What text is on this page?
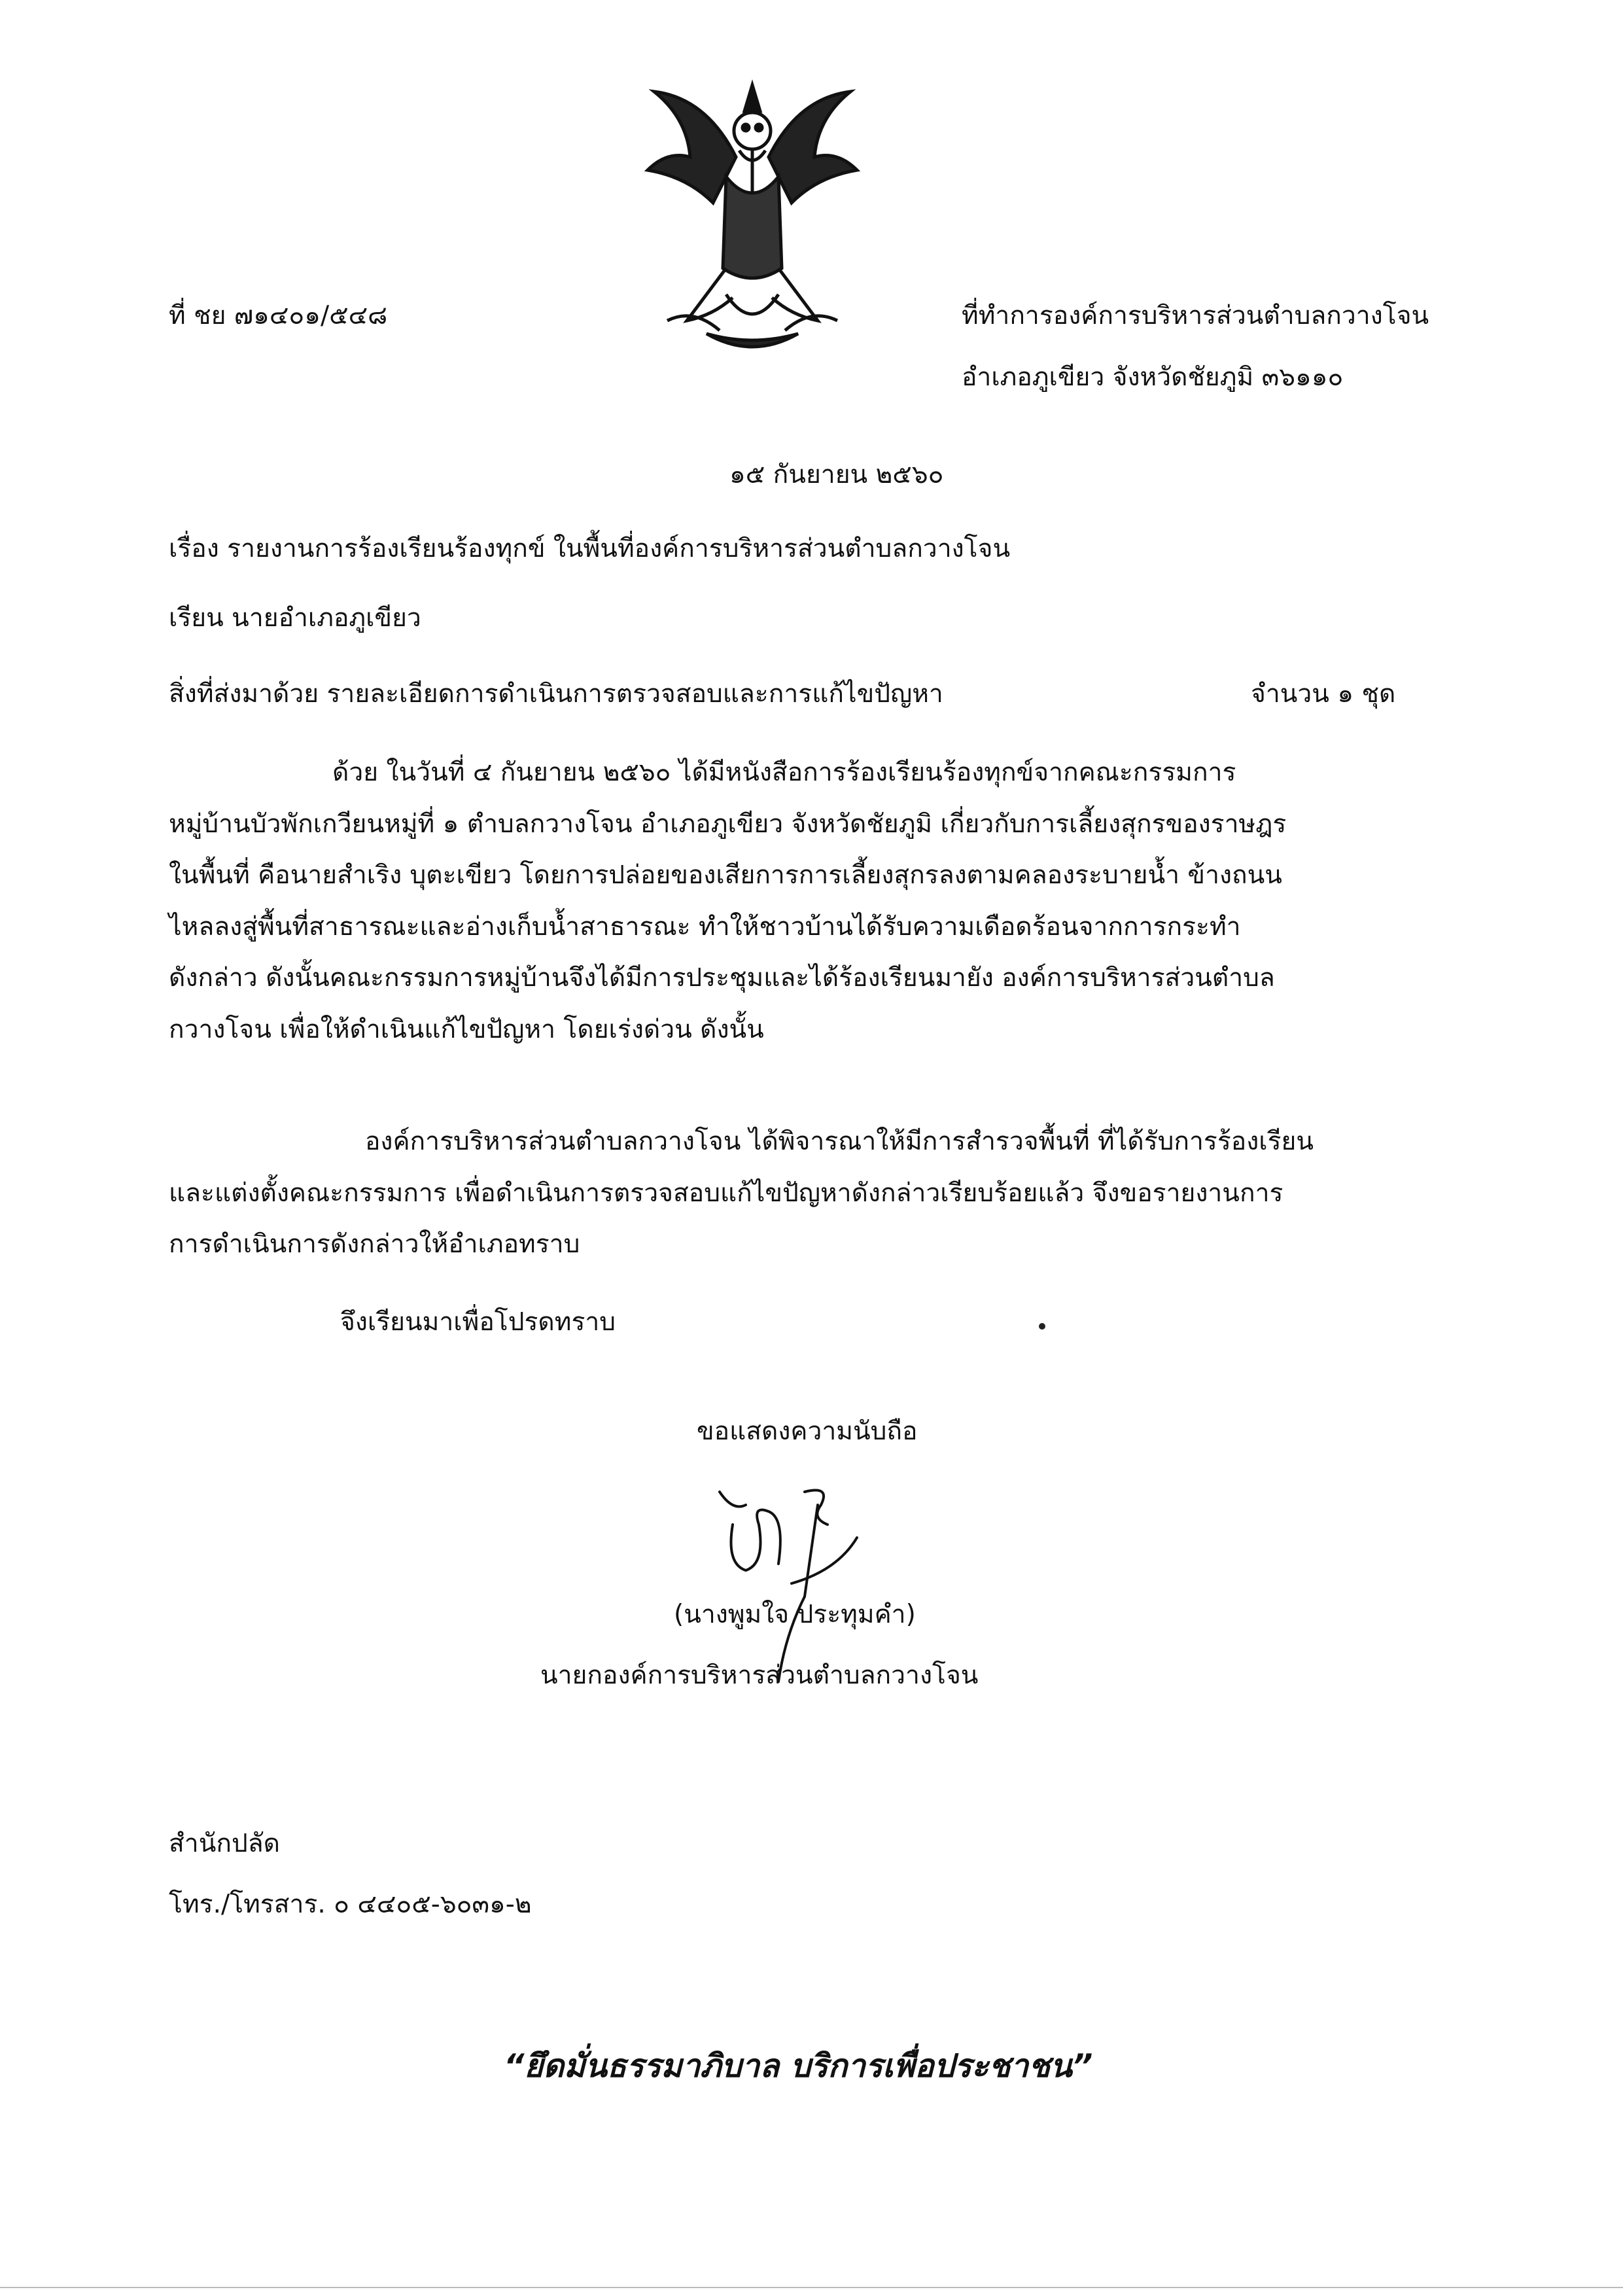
ที่ ชย ๗๑๔๐๑/๕๔๘	ที่ทำการองค์การบริหารส่วนตำบลกวางโจน
อำเภอภูเขียว จังหวัดชัยภูมิ ๓๖๑๑๐
๑๕ กันยายน ๒๕๖๐
เรื่อง รายงานการร้องเรียนร้องทุกข์ ในพื้นที่องค์การบริหารส่วนตำบลกวางโจน
เรียน นายอำเภอภูเขียว
สิ่งที่ส่งมาด้วย รายละเอียดการดำเนินการตรวจสอบและการแก้ไขปัญหา	จำนวน ๑ ชุด
ด้วย ในวันที่ ๔ กันยายน ๒๕๖๐ ได้มีหนังสือการร้องเรียนร้องทุกข์จากคณะกรรมการ
หมู่บ้านบัวพักเกวียนหมู่ที่ ๑ ตำบลกวางโจน อำเภอภูเขียว จังหวัดชัยภูมิ เกี่ยวกับการเลี้ยงสุกรของราษฎร
ในพื้นที่ คือนายสำเริง บุตะเขียว โดยการปล่อยของเสียการการเลี้ยงสุกรลงตามคลองระบายน้ำ ข้างถนน
ไหลลงสู่พื้นที่สาธารณะและอ่างเก็บน้ำสาธารณะ ทำให้ชาวบ้านได้รับความเดือดร้อนจากการกระทำ
ดังกล่าว ดังนั้นคณะกรรมการหมู่บ้านจึงได้มีการประชุมและได้ร้องเรียนมายัง องค์การบริหารส่วนตำบล
กวางโจน เพื่อให้ดำเนินแก้ไขปัญหา โดยเร่งด่วน ดังนั้น
องค์การบริหารส่วนตำบลกวางโจน ได้พิจารณาให้มีการสำรวจพื้นที่ ที่ได้รับการร้องเรียน
และแต่งตั้งคณะกรรมการ เพื่อดำเนินการตรวจสอบแก้ไขปัญหาดังกล่าวเรียบร้อยแล้ว จึงขอรายงานการ
การดำเนินการดังกล่าวให้อำเภอทราบ
จึงเรียนมาเพื่อโปรดทราบ
ขอแสดงความนับถือ
(นางพูมใจ ประทุมคำ)
นายกองค์การบริหารส่วนตำบลกวางโจน
สำนักปลัด
โทร./โทรสาร. ๐ ๔๔๐๕-๖๐๓๑-๒
“ยึดมั่นธรรมาภิบาล บริการเพื่อประชาชน”
